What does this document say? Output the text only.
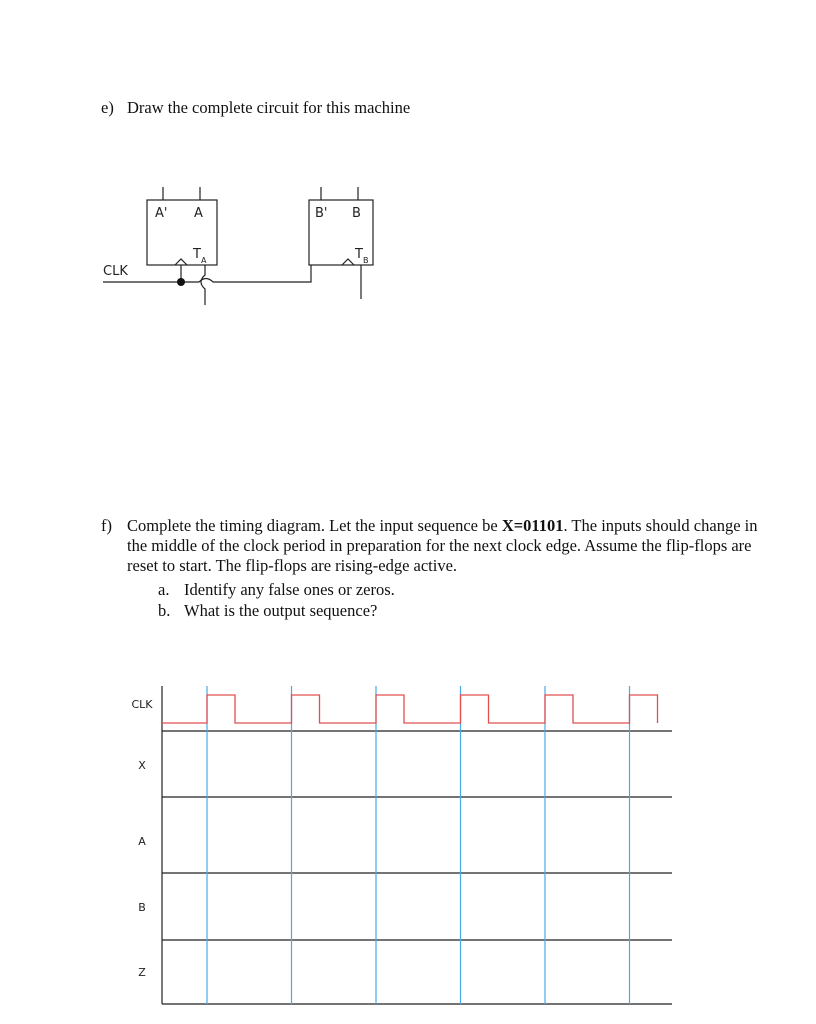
e) Draw the complete circuit for this machine
CLK
A' A
T A
B' B
T B
CLK
X
A
B
Z
f) Complete the timing diagram. Let the input sequence be X=01101. The inputs should change in the middle of the clock period in preparation for the next clock edge. Assume the flip-flops are reset to start. The flip-flops are rising-edge active.
a. Identify any false ones or zeros.
b. What is the output sequence?
